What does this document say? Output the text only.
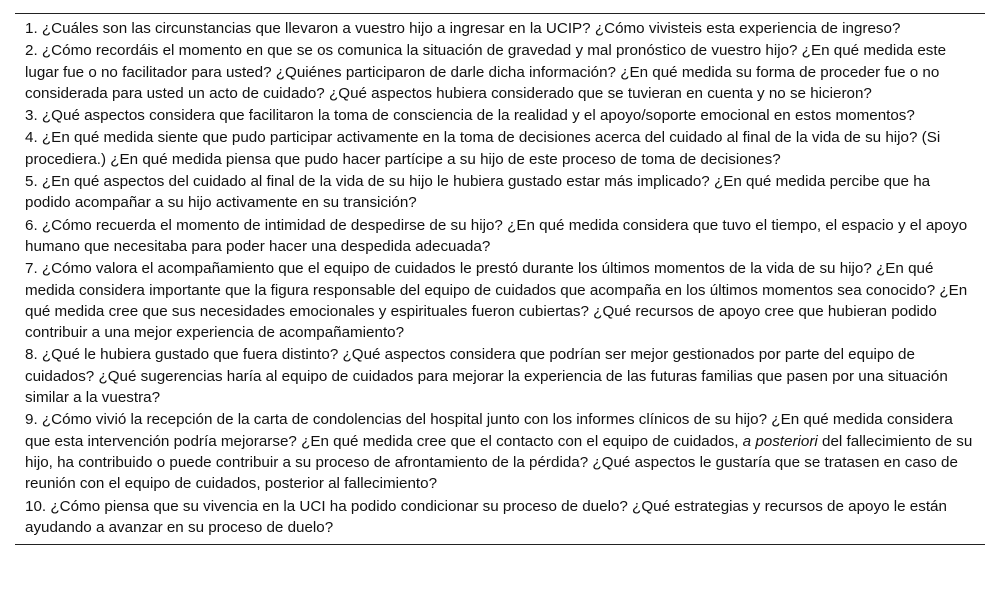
1. ¿Cuáles son las circunstancias que llevaron a vuestro hijo a ingresar en la UCIP? ¿Cómo vivisteis esta experiencia de ingreso?
2. ¿Cómo recordáis el momento en que se os comunica la situación de gravedad y mal pronóstico de vuestro hijo? ¿En qué medida este lugar fue o no facilitador para usted? ¿Quiénes participaron de darle dicha información? ¿En qué medida su forma de proceder fue o no considerada para usted un acto de cuidado? ¿Qué aspectos hubiera considerado que se tuvieran en cuenta y no se hicieron?
3. ¿Qué aspectos considera que facilitaron la toma de consciencia de la realidad y el apoyo/soporte emocional en estos momentos?
4. ¿En qué medida siente que pudo participar activamente en la toma de decisiones acerca del cuidado al final de la vida de su hijo? (Si procediera.) ¿En qué medida piensa que pudo hacer partícipe a su hijo de este proceso de toma de decisiones?
5. ¿En qué aspectos del cuidado al final de la vida de su hijo le hubiera gustado estar más implicado? ¿En qué medida percibe que ha podido acompañar a su hijo activamente en su transición?
6. ¿Cómo recuerda el momento de intimidad de despedirse de su hijo? ¿En qué medida considera que tuvo el tiempo, el espacio y el apoyo humano que necesitaba para poder hacer una despedida adecuada?
7. ¿Cómo valora el acompañamiento que el equipo de cuidados le prestó durante los últimos momentos de la vida de su hijo? ¿En qué medida considera importante que la figura responsable del equipo de cuidados que acompaña en los últimos momentos sea conocido? ¿En qué medida cree que sus necesidades emocionales y espirituales fueron cubiertas? ¿Qué recursos de apoyo cree que hubieran podido contribuir a una mejor experiencia de acompañamiento?
8. ¿Qué le hubiera gustado que fuera distinto? ¿Qué aspectos considera que podrían ser mejor gestionados por parte del equipo de cuidados? ¿Qué sugerencias haría al equipo de cuidados para mejorar la experiencia de las futuras familias que pasen por una situación similar a la vuestra?
9. ¿Cómo vivió la recepción de la carta de condolencias del hospital junto con los informes clínicos de su hijo? ¿En qué medida considera que esta intervención podría mejorarse? ¿En qué medida cree que el contacto con el equipo de cuidados, a posteriori del fallecimiento de su hijo, ha contribuido o puede contribuir a su proceso de afrontamiento de la pérdida? ¿Qué aspectos le gustaría que se tratasen en caso de reunión con el equipo de cuidados, posterior al fallecimiento?
10. ¿Cómo piensa que su vivencia en la UCI ha podido condicionar su proceso de duelo? ¿Qué estrategias y recursos de apoyo le están ayudando a avanzar en su proceso de duelo?
